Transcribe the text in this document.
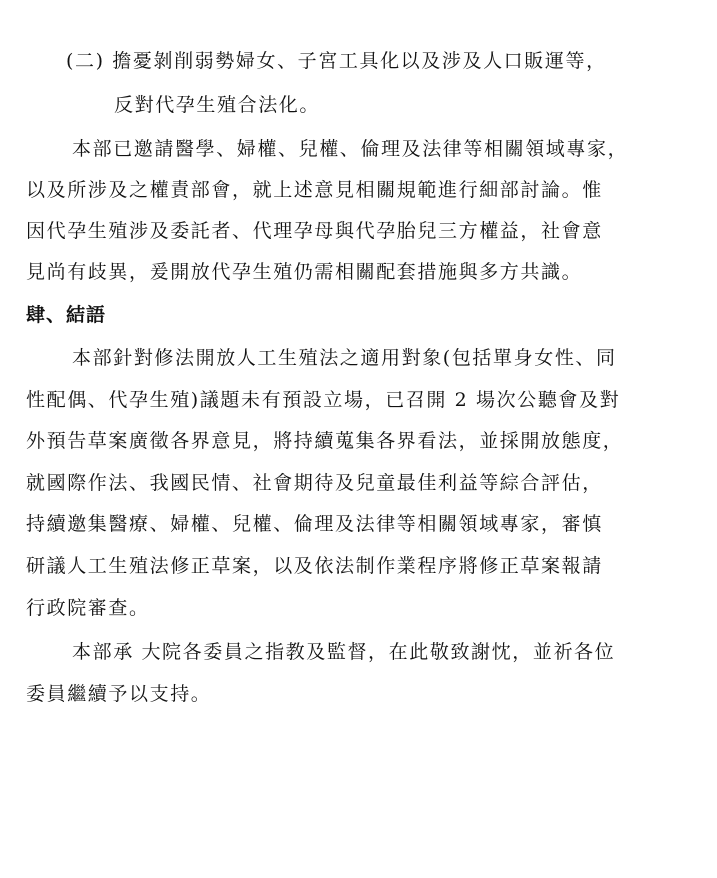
(二) 擔憂剝削弱勢婦女、子宮工具化以及涉及人口販運等，
反對代孕生殖合法化。
本部已邀請醫學、婦權、兒權、倫理及法律等相關領域專家，
以及所涉及之權責部會，就上述意見相關規範進行細部討論。惟
因代孕生殖涉及委託者、代理孕母與代孕胎兒三方權益，社會意
見尚有歧異，爰開放代孕生殖仍需相關配套措施與多方共識。
肆、結語
本部針對修法開放人工生殖法之適用對象(包括單身女性、同
性配偶、代孕生殖)議題未有預設立場，已召開 2 場次公聽會及對
外預告草案廣徵各界意見，將持續蒐集各界看法，並採開放態度，
就國際作法、我國民情、社會期待及兒童最佳利益等綜合評估，
持續邀集醫療、婦權、兒權、倫理及法律等相關領域專家，審慎
研議人工生殖法修正草案，以及依法制作業程序將修正草案報請
行政院審查。
本部承 大院各委員之指教及監督，在此敬致謝忱，並祈各位
委員繼續予以支持。
